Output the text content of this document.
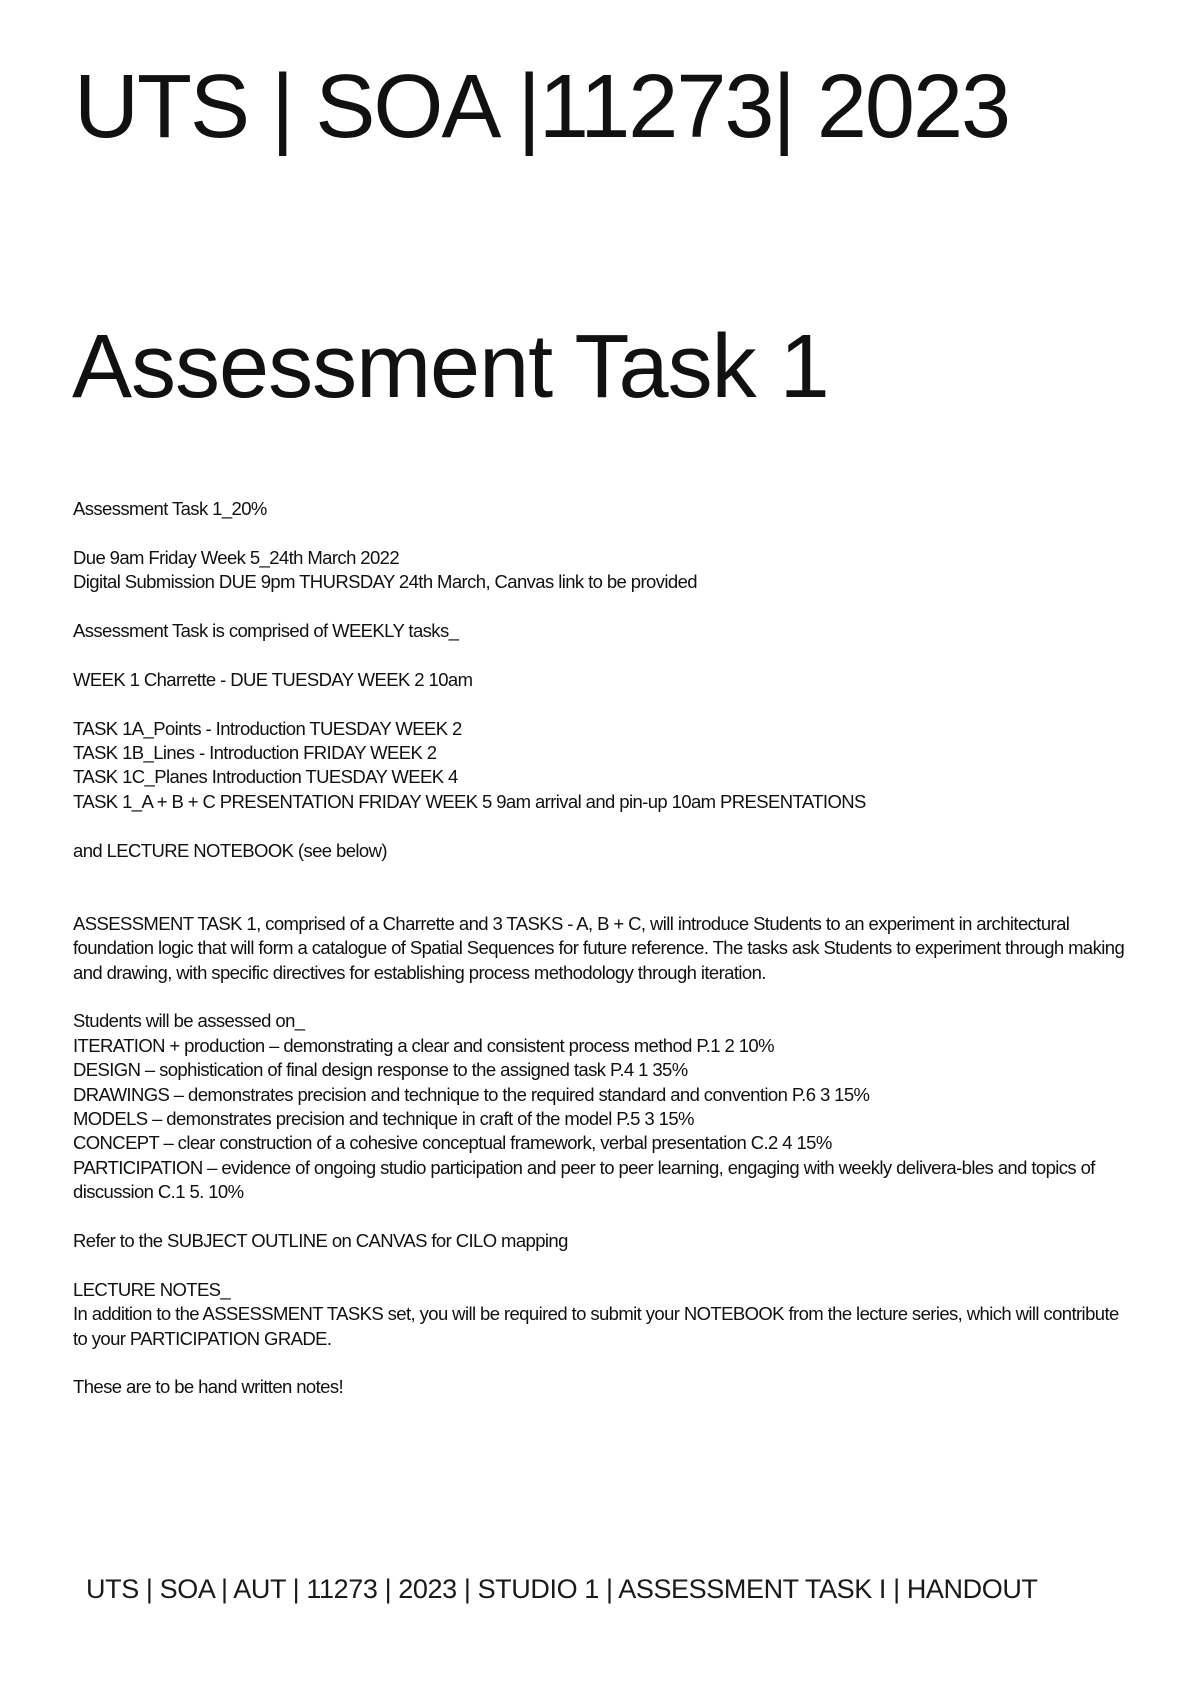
UTS | SOA |11273| 2023
Assessment Task 1
Assessment Task 1_20%
Due 9am Friday Week 5_24th March 2022
Digital Submission DUE 9pm THURSDAY 24th March, Canvas link to be provided
Assessment Task is comprised of WEEKLY tasks_
WEEK 1 Charrette - DUE TUESDAY WEEK 2 10am
TASK 1A_Points - Introduction TUESDAY WEEK 2
TASK 1B_Lines - Introduction FRIDAY WEEK 2
TASK 1C_Planes Introduction TUESDAY WEEK 4
TASK 1_A + B + C PRESENTATION FRIDAY WEEK 5 9am arrival and pin-up 10am PRESENTATIONS
and LECTURE NOTEBOOK (see below)
ASSESSMENT TASK 1, comprised of a Charrette and 3 TASKS - A, B + C, will introduce Students to an experiment in architectural foundation logic that will form a catalogue of Spatial Sequences for future reference. The tasks ask Students to experiment through making and drawing, with specific directives for establishing process methodology through iteration.
Students will be assessed on_
ITERATION + production – demonstrating a clear and consistent process method P.1 2 10%
DESIGN – sophistication of final design response to the assigned task P.4 1 35%
DRAWINGS – demonstrates precision and technique to the required standard and convention P.6 3 15%
MODELS – demonstrates precision and technique in craft of the model P.5 3 15%
CONCEPT – clear construction of a cohesive conceptual framework, verbal presentation C.2 4 15%
PARTICIPATION – evidence of ongoing studio participation and peer to peer learning, engaging with weekly delivera-bles and topics of discussion C.1 5. 10%
Refer to the SUBJECT OUTLINE on CANVAS for CILO mapping
LECTURE NOTES_
In addition to the ASSESSMENT TASKS set, you will be required to submit your NOTEBOOK from the lecture series, which will contribute to your PARTICIPATION GRADE.
These are to be hand written notes!
UTS | SOA | AUT | 11273 | 2023 | STUDIO 1 | ASSESSMENT TASK I | HANDOUT
